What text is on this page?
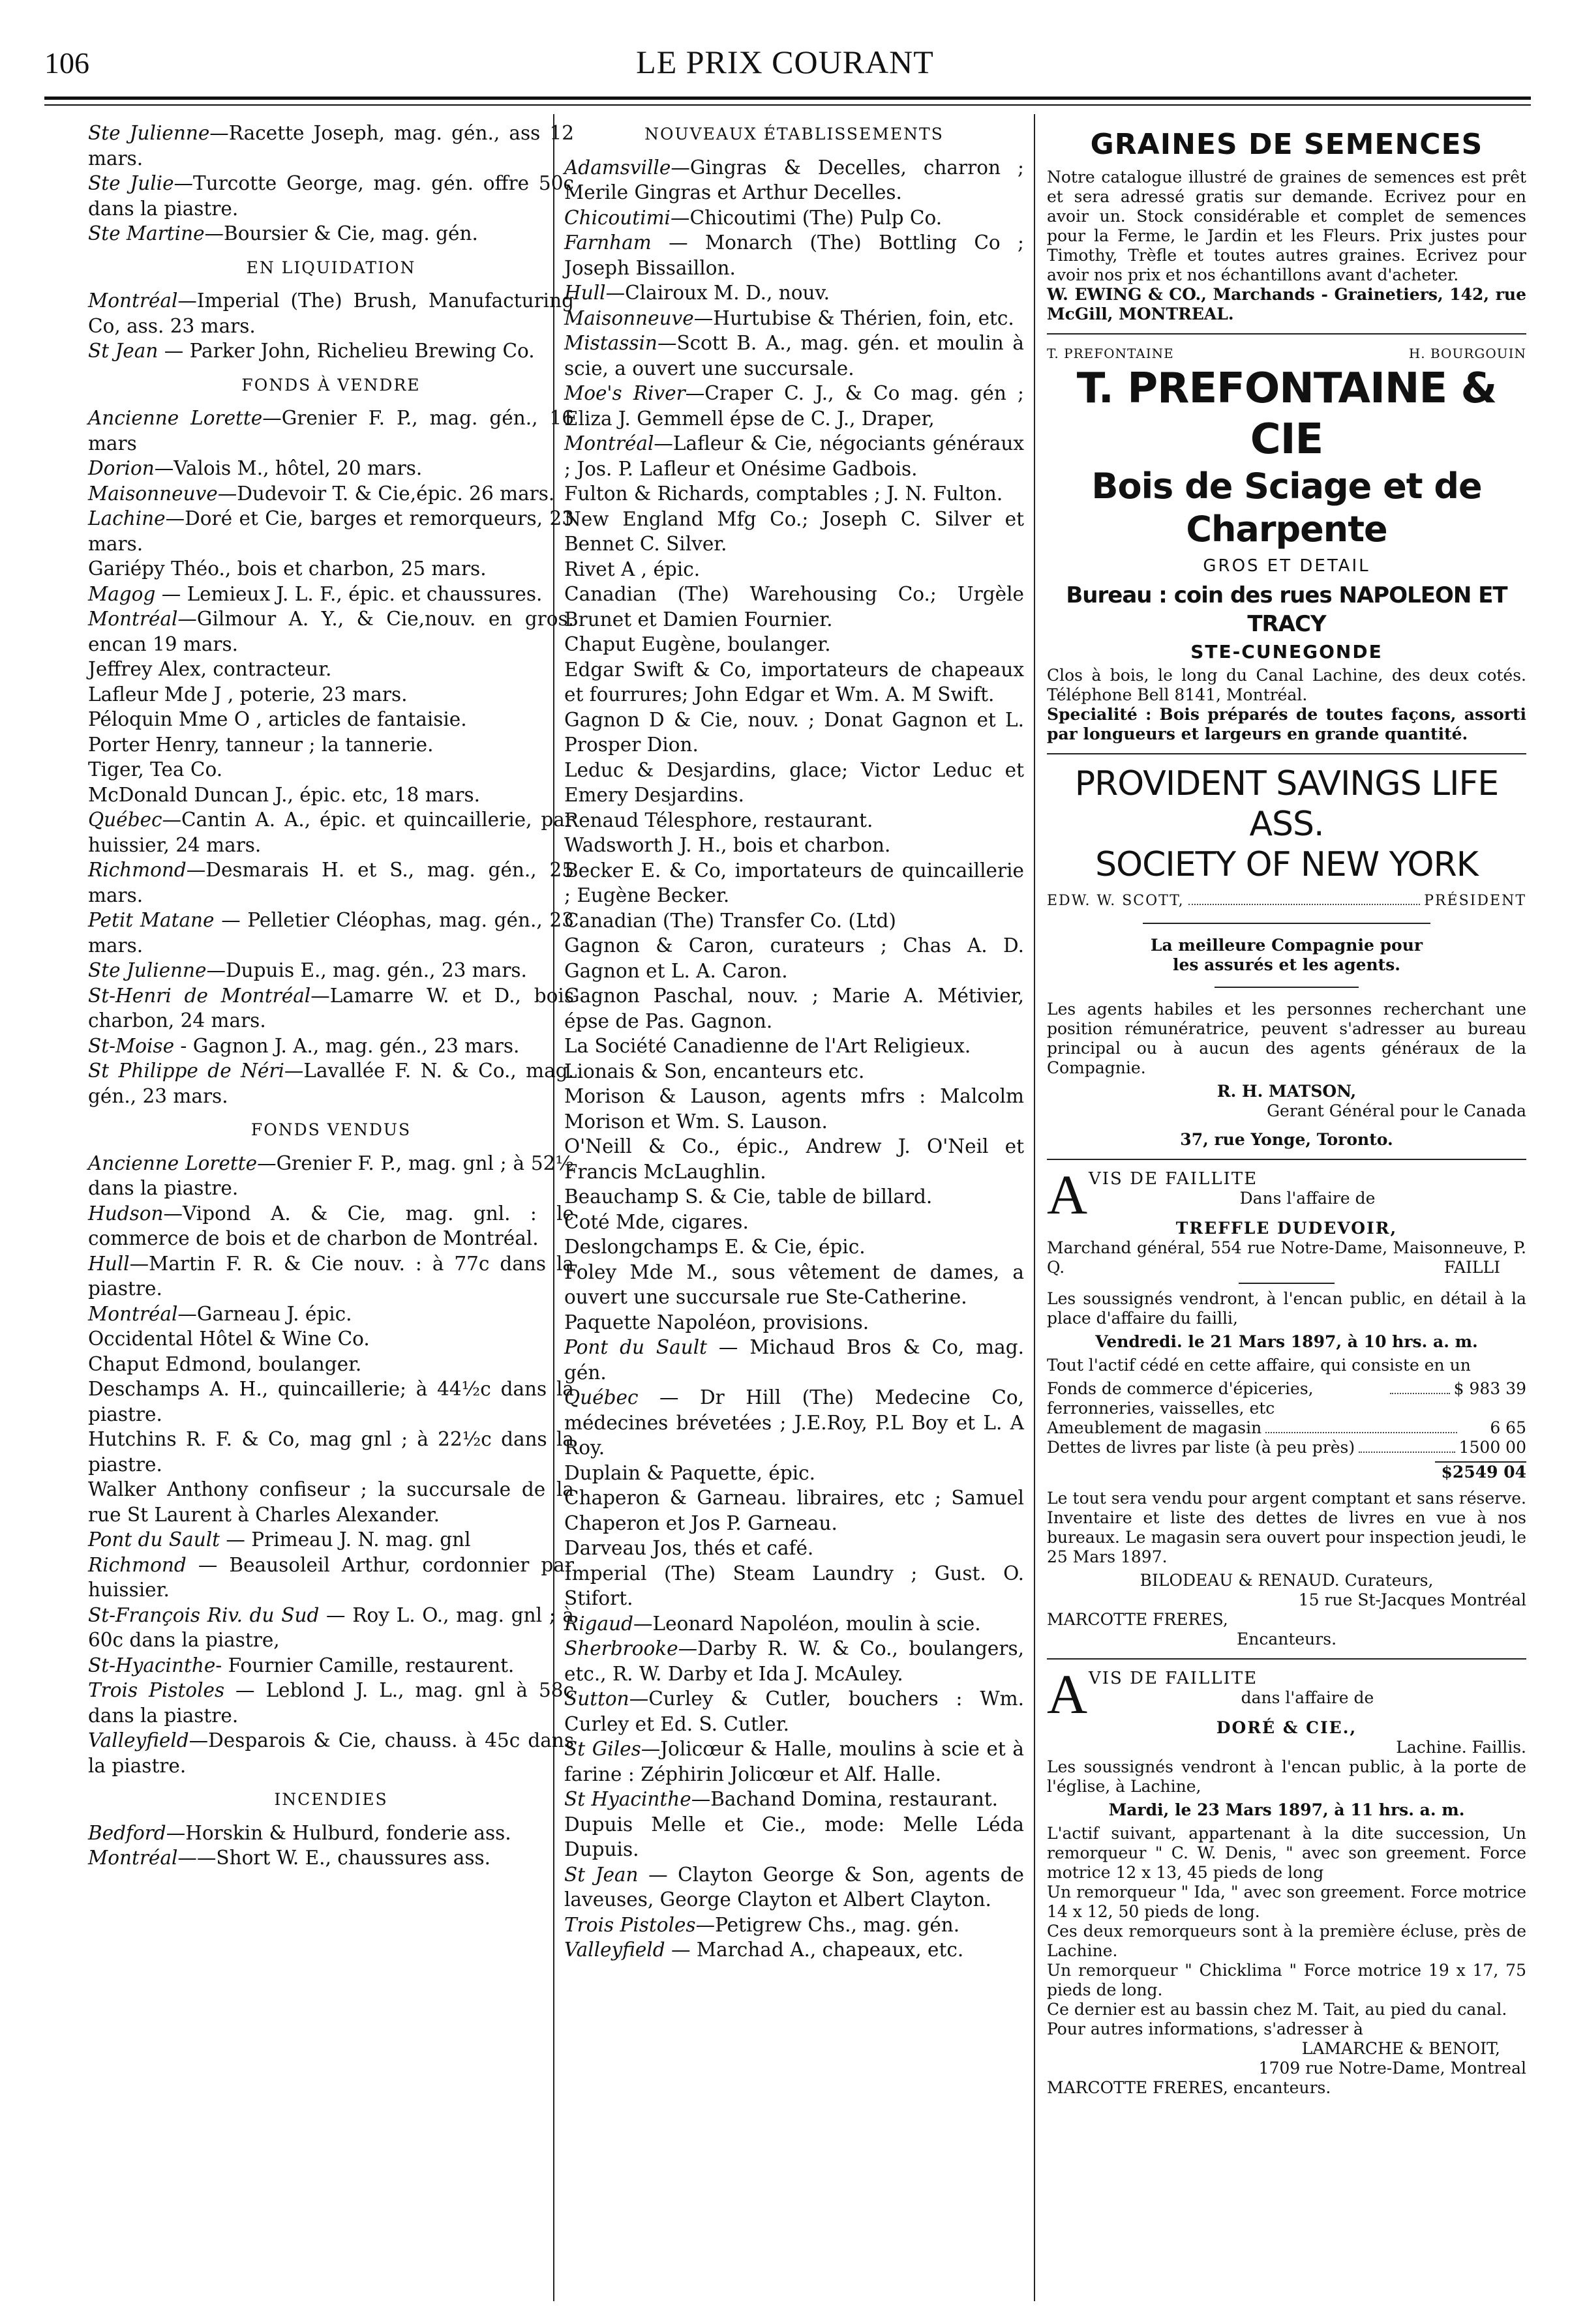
106	LE PRIX COURANT

Ste Julienne—Racette Joseph, mag. gén., ass 12 mars.

Ste Julie—Turcotte George, mag. gén. offre 50c dans la piastre.

Ste Martine—Boursier & Cie, mag. gén.

EN LIQUIDATION

Montréal—Imperial (The) Brush, Manufacturing Co, ass. 23 mars.

St Jean — Parker John, Richelieu Brewing Co.

FONDS À VENDRE

Ancienne Lorette—Grenier F. P., mag. gén., 16 mars

Dorion—Valois M., hôtel, 20 mars.

Maisonneuve—Dudevoir T. & Cie,épic. 26 mars.

Lachine—Doré et Cie, barges et remorqueurs, 23 mars.

Gariépy Théo., bois et charbon, 25 mars.

Magog — Lemieux J. L. F., épic. et chaussures.

Montréal—Gilmour A. Y., & Cie,nouv. en gros. encan 19 mars.

Jeffrey Alex, contracteur.

Lafleur Mde J , poterie, 23 mars.

Péloquin Mme O , articles de fantaisie.

Porter Henry, tanneur ; la tannerie.

Tiger, Tea Co.

McDonald Duncan J., épic. etc, 18 mars.

Québec—Cantin A. A., épic. et quincaillerie, par huissier, 24 mars.

Richmond—Desmarais H. et S., mag. gén., 25 mars.

Petit Matane — Pelletier Cléophas, mag. gén., 23 mars.

Ste Julienne—Dupuis E., mag. gén., 23 mars.

St-Henri de Montréal—Lamarre W. et D., bois charbon, 24 mars.

St-Moise - Gagnon J. A., mag. gén., 23 mars.

St Philippe de Néri—Lavallée F. N. & Co., mag. gén., 23 mars.

FONDS VENDUS

Ancienne Lorette—Grenier F. P., mag. gnl ; à 52½ dans la piastre.

Hudson—Vipond A. & Cie, mag. gnl. : le commerce de bois et de charbon de Montréal.

Hull—Martin F. R. & Cie nouv. : à 77c dans la piastre.

Montréal—Garneau J. épic.

Occidental Hôtel & Wine Co.

Chaput Edmond, boulanger.

Deschamps A. H., quincaillerie; à 44½c dans la piastre.

Hutchins R. F. & Co, mag gnl ; à 22½c dans la piastre.

Walker Anthony confiseur ; la succursale de la rue St Laurent à Charles Alexander.

Pont du Sault — Primeau J. N. mag. gnl

Richmond — Beausoleil Arthur, cordonnier par huissier.

St-François Riv. du Sud — Roy L. O., mag. gnl ; à 60c dans la piastre,

St-Hyacinthe- Fournier Camille, restaurent.

Trois Pistoles — Leblond J. L., mag. gnl à 58c dans la piastre.

Valleyfield—Desparois & Cie, chauss. à 45c dans la piastre.

INCENDIES

Bedford—Horskin & Hulburd, fonderie ass.

Montréal——Short W. E., chaussures ass.

NOUVEAUX ÉTABLISSEMENTS

Adamsville—Gingras & Decelles, charron ; Merile Gingras et Arthur Decelles.

Chicoutimi—Chicoutimi (The) Pulp Co.

Farnham — Monarch (The) Bottling Co ; Joseph Bissaillon.

Hull—Clairoux M. D., nouv.

Maisonneuve—Hurtubise & Thérien, foin, etc.

Mistassin—Scott B. A., mag. gén. et moulin à scie, a ouvert une succursale.

Moe's River—Craper C. J., & Co mag. gén ; Eliza J. Gemmell épse de C. J., Draper,

Montréal—Lafleur & Cie, négociants généraux ; Jos. P. Lafleur et Onésime Gadbois.

Fulton & Richards, comptables ; J. N. Fulton.

New England Mfg Co.; Joseph C. Silver et Bennet C. Silver.

Rivet A , épic.

Canadian (The) Warehousing Co.; Urgèle Brunet et Damien Fournier.

Chaput Eugène, boulanger.

Edgar Swift & Co, importateurs de chapeaux et fourrures; John Edgar et Wm. A. M Swift.

Gagnon D & Cie, nouv. ; Donat Gagnon et L. Prosper Dion.

Leduc & Desjardins, glace; Victor Leduc et Emery Desjardins.

Renaud Télesphore, restaurant.

Wadsworth J. H., bois et charbon.

Becker E. & Co, importateurs de quincaillerie ; Eugène Becker.

Canadian (The) Transfer Co. (Ltd)

Gagnon & Caron, curateurs ; Chas A. D. Gagnon et L. A. Caron.

Gagnon Paschal, nouv. ; Marie A. Métivier, épse de Pas. Gagnon.

La Société Canadienne de l'Art Religieux.

Lionais & Son, encanteurs etc.

Morison & Lauson, agents mfrs : Malcolm Morison et Wm. S. Lauson.

O'Neill & Co., épic., Andrew J. O'Neil et Francis McLaughlin.

Beauchamp S. & Cie, table de billard.

Coté Mde, cigares.

Deslongchamps E. & Cie, épic.

Foley Mde M., sous vêtement de dames, a ouvert une succursale rue Ste-Catherine.

Paquette Napoléon, provisions.

Pont du Sault — Michaud Bros & Co, mag. gén.

Québec — Dr Hill (The) Medecine Co, médecines brévetées ; J.E.Roy, P.L Boy et L. A Roy.

Duplain & Paquette, épic.

Chaperon & Garneau. libraires, etc ; Samuel Chaperon et Jos P. Garneau.

Darveau Jos, thés et café.

Imperial (The) Steam Laundry ; Gust. O. Stifort.

Rigaud—Leonard Napoléon, moulin à scie.

Sherbrooke—Darby R. W. & Co., boulangers, etc., R. W. Darby et Ida J. McAuley.

Sutton—Curley & Cutler, bouchers : Wm. Curley et Ed. S. Cutler.

St Giles—Jolicœur & Halle, moulins à scie et à farine : Zéphirin Jolicœur et Alf. Halle.

St Hyacinthe—Bachand Domina, restaurant.

Dupuis Melle et Cie., mode: Melle Léda Dupuis.

St Jean — Clayton George & Son, agents de laveuses, George Clayton et Albert Clayton.

Trois Pistoles—Petigrew Chs., mag. gén.

Valleyfield — Marchad A., chapeaux, etc.

GRAINES DE SEMENCES

Notre catalogue illustré de graines de semences est prêt et sera adressé gratis sur demande. Ecrivez pour en avoir un. Stock considérable et complet de semences pour la Ferme, le Jardin et les Fleurs. Prix justes pour Timothy, Trèfle et toutes autres graines. Ecrivez pour avoir nos prix et nos échantillons avant d'acheter.

W. EWING & CO., Marchands - Grainetiers, 142, rue McGill, MONTREAL.

T. PREFONTAINE	H. BOURGOUIN
T. PREFONTAINE & CIE
Bois de Sciage et de Charpente
GROS ET DETAIL
Bureau : coin des rues NAPOLEON ET TRACY
STE-CUNEGONDE

Clos à bois, le long du Canal Lachine, des deux cotés. Téléphone Bell 8141, Montréal.

Specialité : Bois préparés de toutes façons, assorti par longueurs et largeurs en grande quantité.

PROVIDENT SAVINGS LIFE ASS.
SOCIETY OF NEW YORK
EDW. W. SCOTT,	PRÉSIDENT
La meilleure Compagnie pour
les assurés et les agents.

Les agents habiles et les personnes recherchant une position rémunératrice, peuvent s'adresser au bureau principal ou à aucun des agents généraux de la Compagnie.

R. H. MATSON,
Gerant Général pour le Canada
37, rue Yonge, Toronto.
A VIS DE FAILLITE
Dans l'affaire de
TREFFLE DUDEVOIR,

Marchand général, 554 rue Notre-Dame, Maisonneuve, P. Q.	FAILLI

Les soussignés vendront, à l'encan public, en détail à la place d'affaire du failli,

Vendredi. le 21 Mars 1897, à 10 hrs. a. m.

Tout l'actif cédé en cette affaire, qui consiste en un

Fonds de commerce d'épiceries, ferronneries, vaisselles, etc
$ 983 39
Ameublement de magasin	6 65
Dettes de livres par liste (à peu près)	1500 00
$2549 04

Le tout sera vendu pour argent comptant et sans réserve. Inventaire et liste des dettes de livres en vue à nos bureaux. Le magasin sera ouvert pour inspection jeudi, le 25 Mars 1897.

BILODEAU & RENAUD. Curateurs,
15 rue St-Jacques Montréal
MARCOTTE FRERES,
Encanteurs.
A VIS DE FAILLITE
dans l'affaire de
DORÉ & CIE.,
Lachine. Faillis.

Les soussignés vendront à l'encan public, à la porte de l'église, à Lachine,

Mardi, le 23 Mars 1897, à 11 hrs. a. m.

L'actif suivant, appartenant à la dite succession, Un remorqueur " C. W. Denis, " avec son greement. Force motrice 12 x 13, 45 pieds de long

Un remorqueur " Ida, " avec son greement. Force motrice 14 x 12, 50 pieds de long.

Ces deux remorqueurs sont à la première écluse, près de Lachine.

Un remorqueur " Chicklima " Force motrice 19 x 17, 75 pieds de long.

Ce dernier est au bassin chez M. Tait, au pied du canal.

Pour autres informations, s'adresser à

LAMARCHE & BENOIT,
1709 rue Notre-Dame, Montreal
MARCOTTE FRERES, encanteurs.
